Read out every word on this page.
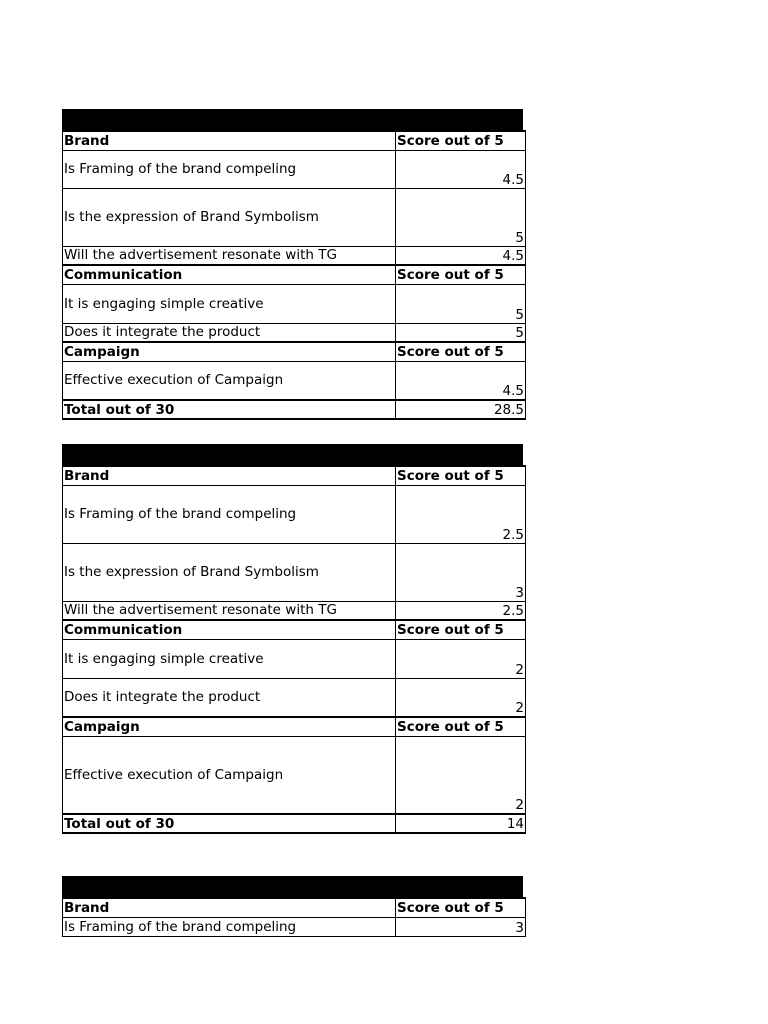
Brand	Score out of 5
Is Framing of the brand compeling	4.5
Is the expression of Brand Symbolism	5
Will the advertisement resonate with TG	4.5
Communication	Score out of 5
It is engaging simple creative	5
Does it integrate the product	5
Campaign	Score out of 5
Effective execution of Campaign	4.5
Total out of 30	28.5
Brand	Score out of 5
Is Framing of the brand compeling	2.5
Is the expression of Brand Symbolism	3
Will the advertisement resonate with TG	2.5
Communication	Score out of 5
It is engaging simple creative	2
Does it integrate the product	2
Campaign	Score out of 5
Effective execution of Campaign	2
Total out of 30	14
Brand	Score out of 5
Is Framing of the brand compeling	3
